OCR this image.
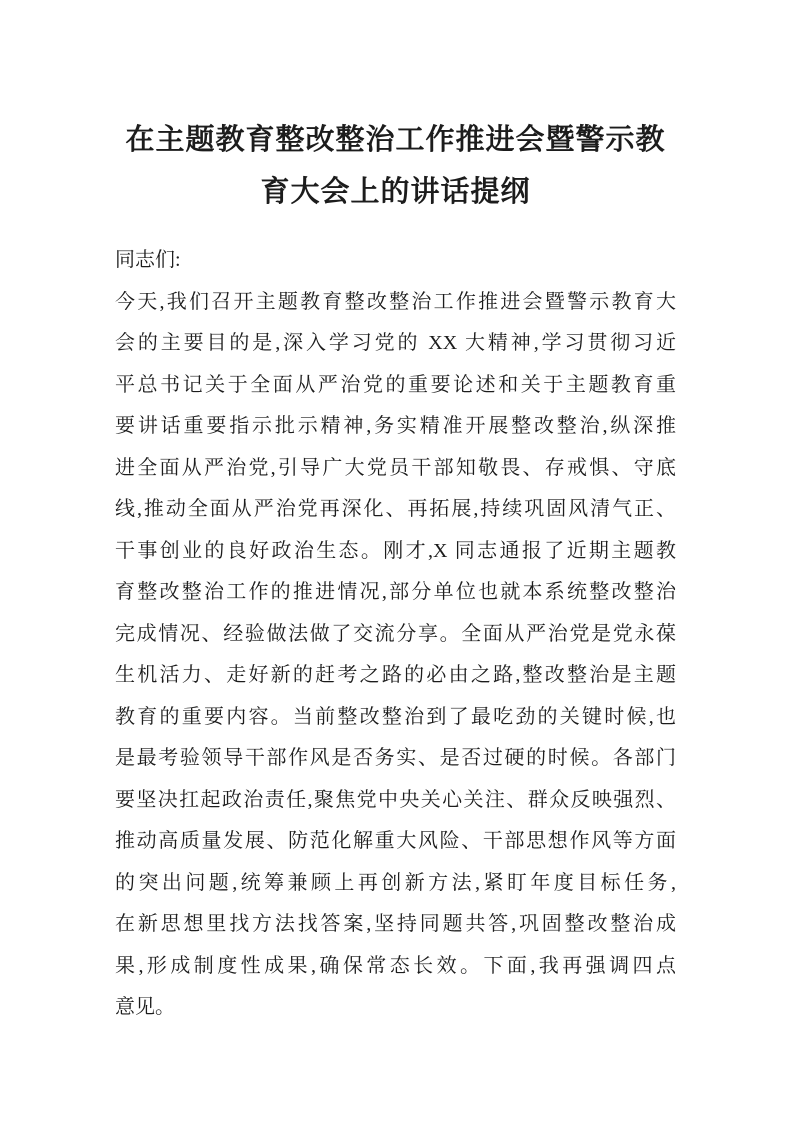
在主题教育整改整治工作推进会暨警示教
育大会上的讲话提纲
同志们:
今天,我们召开主题教育整改整治工作推进会暨警示教育大
会的主要目的是,深入学习党的 XX 大精神,学习贯彻习近
平总书记关于全面从严治党的重要论述和关于主题教育重
要讲话重要指示批示精神,务实精准开展整改整治,纵深推
进全面从严治党,引导广大党员干部知敬畏、存戒惧、守底
线,推动全面从严治党再深化、再拓展,持续巩固风清气正、
干事创业的良好政治生态。刚才,X 同志通报了近期主题教
育整改整治工作的推进情况,部分单位也就本系统整改整治
完成情况、经验做法做了交流分享。全面从严治党是党永葆
生机活力、走好新的赶考之路的必由之路,整改整治是主题
教育的重要内容。当前整改整治到了最吃劲的关键时候,也
是最考验领导干部作风是否务实、是否过硬的时候。各部门
要坚决扛起政治责任,聚焦党中央关心关注、群众反映强烈、
推动高质量发展、防范化解重大风险、干部思想作风等方面
的突出问题,统筹兼顾上再创新方法,紧盯年度目标任务,
在新思想里找方法找答案,坚持同题共答,巩固整改整治成
果,形成制度性成果,确保常态长效。下面,我再强调四点
意见。
